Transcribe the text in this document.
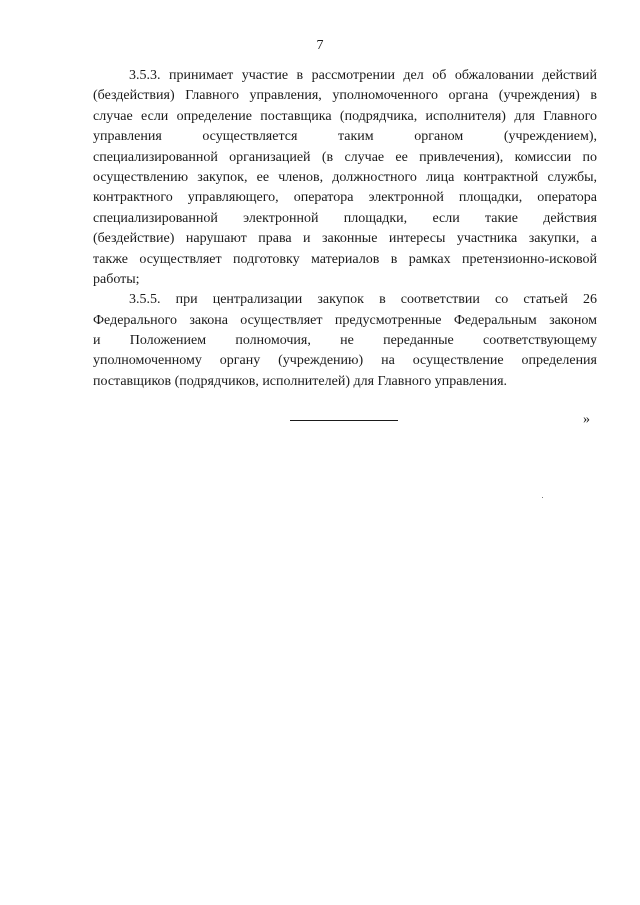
7
3.5.3. принимает участие в рассмотрении дел об обжаловании действий
(бездействия) Главного управления, уполномоченного органа (учреждения) в
случае если определение поставщика (подрядчика, исполнителя) для Главного
управления осуществляется таким органом (учреждением),
специализированной организацией (в случае ее привлечения), комиссии по
осуществлению закупок, ее членов, должностного лица контрактной службы,
контрактного управляющего, оператора электронной площадки, оператора
специализированной электронной площадки, если такие действия
(бездействие) нарушают права и законные интересы участника закупки, а
также осуществляет подготовку материалов в рамках претензионно-исковой
работы;
3.5.5. при централизации закупок в соответствии со статьей 26
Федерального закона осуществляет предусмотренные Федеральным законом
и Положением полномочия, не переданные соответствующему
уполномоченному органу (учреждению) на осуществление определения
поставщиков (подрядчиков, исполнителей) для Главного управления.
»
